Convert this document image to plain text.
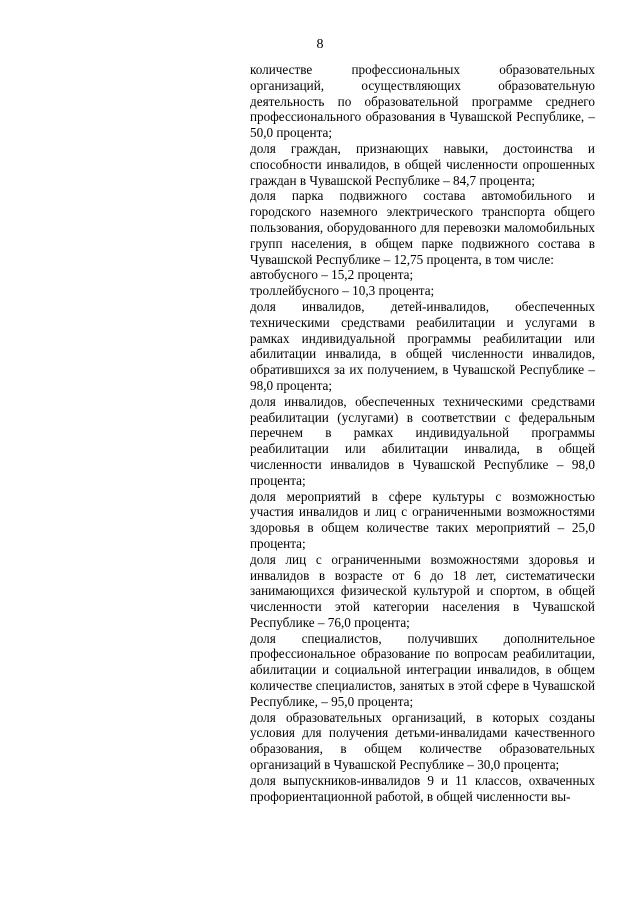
8

количестве профессиональных образовательных организаций, осуществляющих образовательную деятельность по образовательной программе среднего профессионального образования в Чувашской Республике, – 50,0 процента;

доля граждан, признающих навыки, достоинства и способности инвалидов, в общей численности опрошенных граждан в Чувашской Республике – 84,7 процента;

доля парка подвижного состава автомобильного и городского наземного электрического транспорта общего пользования, оборудованного для перевозки маломобильных групп населения, в общем парке подвижного состава в Чувашской Республике – 12,75 процента, в том числе:

автобусного – 15,2 процента;

троллейбусного – 10,3 процента;

доля инвалидов, детей-инвалидов, обеспеченных техническими средствами реабилитации и услугами в рамках индивидуальной программы реабилитации или абилитации инвалида, в общей численности инвалидов, обратившихся за их получением, в Чувашской Республике – 98,0 процента;

доля инвалидов, обеспеченных техническими средствами реабилитации (услугами) в соответствии с федеральным перечнем в рамках индивидуальной программы реабилитации или абилитации инвалида, в общей численности инвалидов в Чувашской Республике – 98,0 процента;

доля мероприятий в сфере культуры с возможностью участия инвалидов и лиц с ограниченными возможностями здоровья в общем количестве таких мероприятий – 25,0 процента;

доля лиц с ограниченными возможностями здоровья и инвалидов в возрасте от 6 до 18 лет, систематически занимающихся физической культурой и спортом, в общей численности этой категории населения в Чувашской Республике – 76,0 процента;

доля специалистов, получивших дополнительное профессиональное образование по вопросам реабилитации, абилитации и социальной интеграции инвалидов, в общем количестве специалистов, занятых в этой сфере в Чувашской Республике, – 95,0 процента;

доля образовательных организаций, в которых созданы условия для получения детьми-инвалидами качественного образования, в общем количестве образовательных организаций в Чувашской Республике – 30,0 процента;

доля выпускников-инвалидов 9 и 11 классов, охваченных профориентационной работой, в общей численности вы-
